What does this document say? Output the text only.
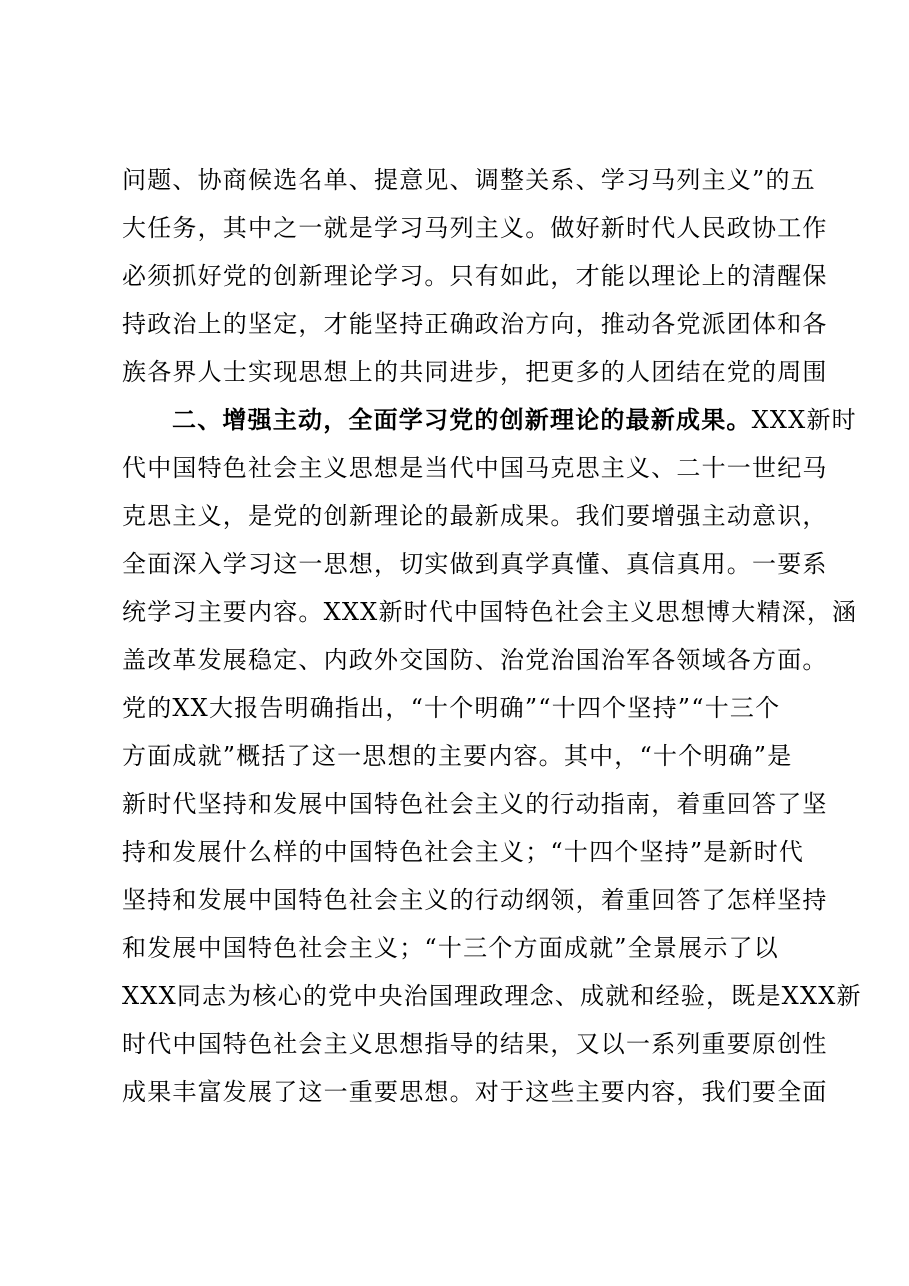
问题、协商候选名单、提意见、调整关系、学习马列主义”的五
大任务，其中之一就是学习马列主义。做好新时代人民政协工作
必须抓好党的创新理论学习。只有如此，才能以理论上的清醒保
持政治上的坚定，才能坚持正确政治方向，推动各党派团体和各
族各界人士实现思想上的共同进步，把更多的人团结在党的周围
二、增强主动，全面学习党的创新理论的最新成果。XXX新时
代中国特色社会主义思想是当代中国马克思主义、二十一世纪马
克思主义，是党的创新理论的最新成果。我们要增强主动意识，
全面深入学习这一思想，切实做到真学真懂、真信真用。一要系
统学习主要内容。XXX新时代中国特色社会主义思想博大精深，涵
盖改革发展稳定、内政外交国防、治党治国治军各领域各方面。
党的XX大报告明确指出，“十个明确”“十四个坚持”“十三个
方面成就”概括了这一思想的主要内容。其中，“十个明确”是
新时代坚持和发展中国特色社会主义的行动指南，着重回答了坚
持和发展什么样的中国特色社会主义；“十四个坚持”是新时代
坚持和发展中国特色社会主义的行动纲领，着重回答了怎样坚持
和发展中国特色社会主义；“十三个方面成就”全景展示了以
XXX同志为核心的党中央治国理政理念、成就和经验，既是XXX新
时代中国特色社会主义思想指导的结果，又以一系列重要原创性
成果丰富发展了这一重要思想。对于这些主要内容，我们要全面
